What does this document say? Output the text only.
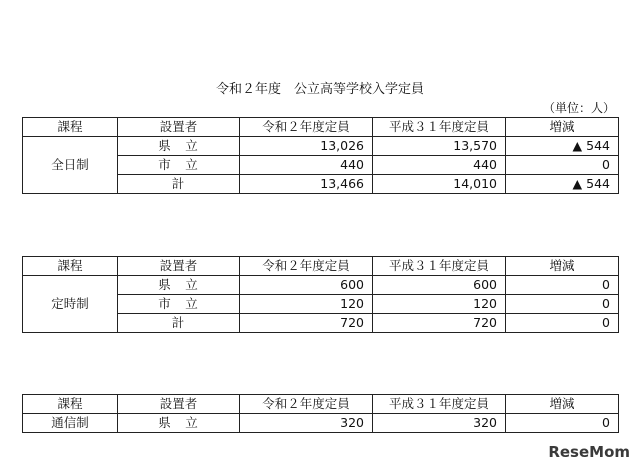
令和２年度　公立高等学校入学定員
（単位：人）
課程	設置者	令和２年度定員	平成３１年度定員	増減
全日制	県　立	13,026	13,570	▲ 544
	市　立	440	440	0
	計	13,466	14,010	▲ 544
課程	設置者	令和２年度定員	平成３１年度定員	増減
定時制	県　立	600	600	0
	市　立	120	120	0
	計	720	720	0
課程	設置者	令和２年度定員	平成３１年度定員	増減
通信制	県　立	320	320	0
ReseMom
